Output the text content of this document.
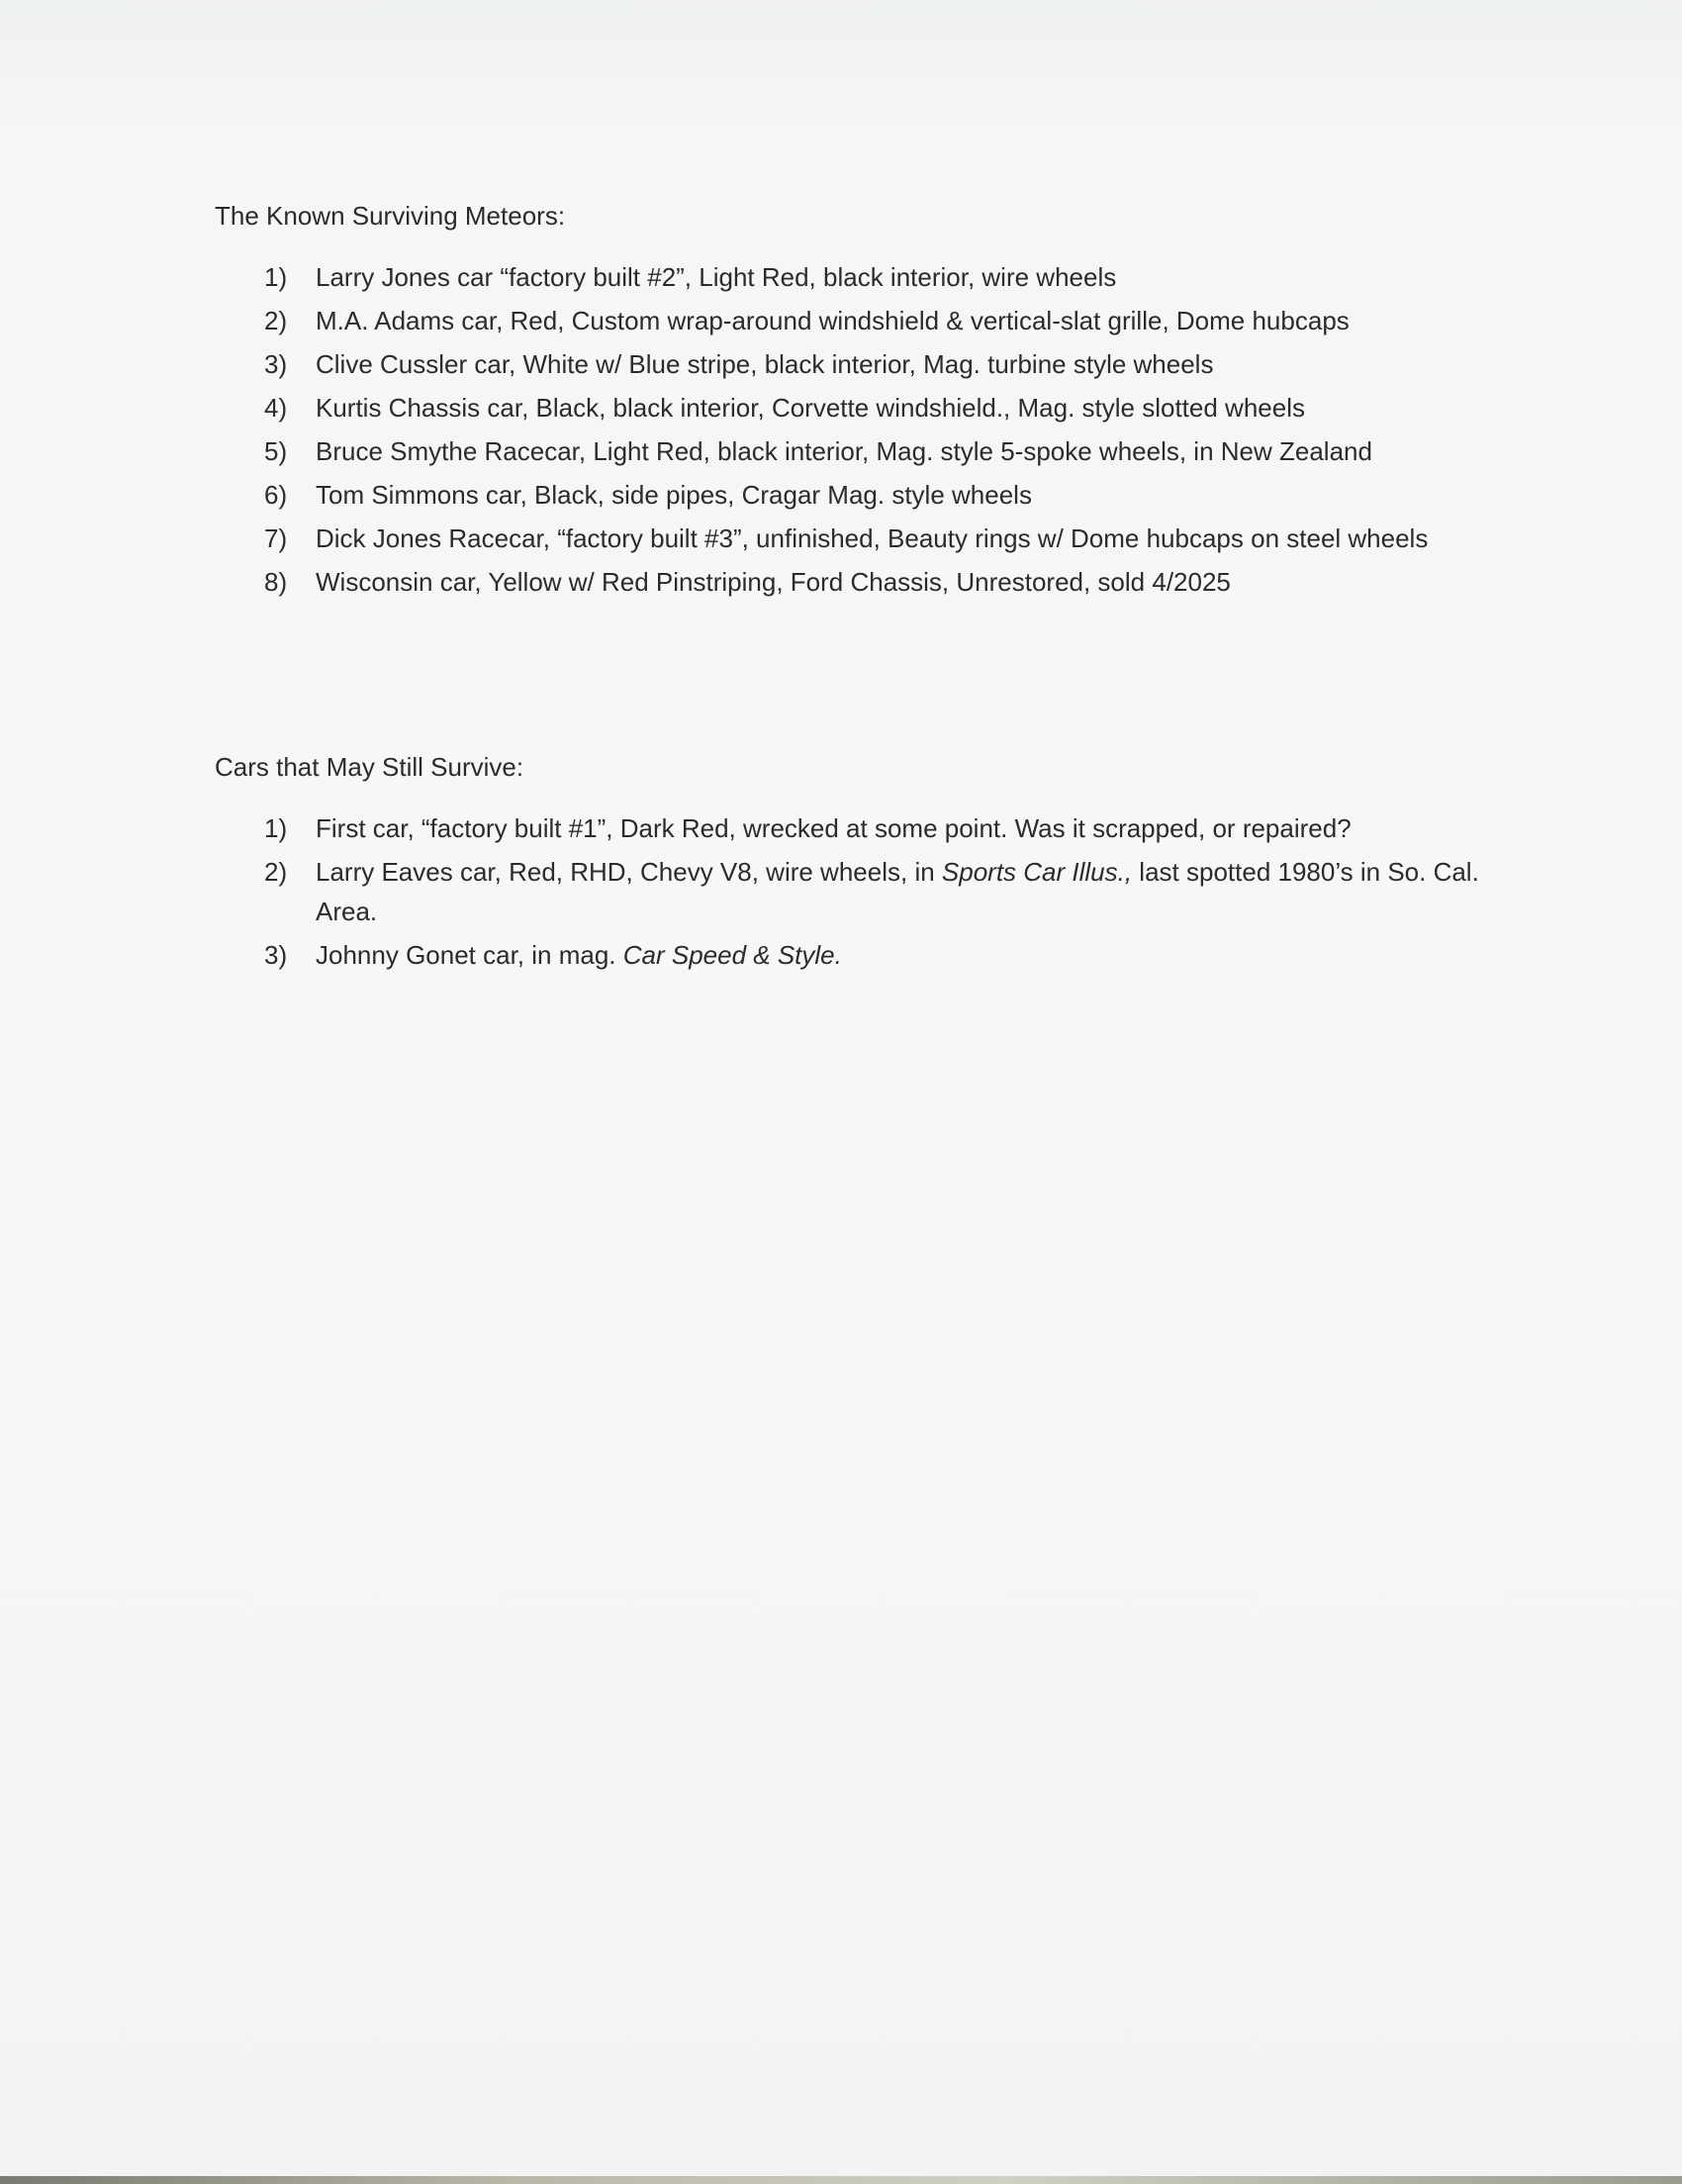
The Known Surviving Meteors:
1)	Larry Jones car “factory built #2”, Light Red, black interior, wire wheels
2)	M.A. Adams car, Red, Custom wrap-around windshield & vertical-slat grille, Dome hubcaps
3)	Clive Cussler car, White w/ Blue stripe, black interior, Mag. turbine style wheels
4)	Kurtis Chassis car, Black, black interior, Corvette windshield., Mag. style slotted wheels
5)	Bruce Smythe Racecar, Light Red, black interior, Mag. style 5-spoke wheels, in New Zealand
6)	Tom Simmons car, Black, side pipes, Cragar Mag. style wheels
7)	Dick Jones Racecar, “factory built #3”, unfinished, Beauty rings w/ Dome hubcaps on steel wheels
8)	Wisconsin car, Yellow w/ Red Pinstriping, Ford Chassis, Unrestored, sold 4/2025
Cars that May Still Survive:
1)	First car, “factory built #1”, Dark Red, wrecked at some point. Was it scrapped, or repaired?
2)	Larry Eaves car, Red, RHD, Chevy V8, wire wheels, in Sports Car Illus., last spotted 1980’s in So. Cal. Area.
3)	Johnny Gonet car, in mag. Car Speed & Style.
